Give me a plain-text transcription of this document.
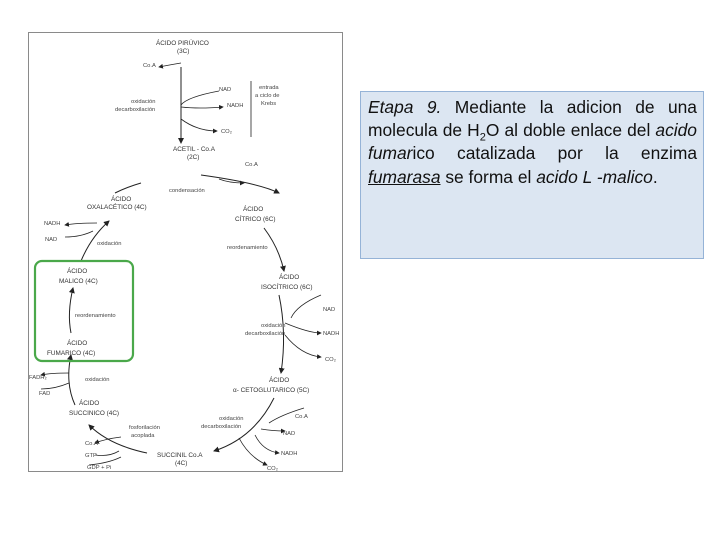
ÁCIDO PIRÚVICO
(3C)
Co.A
NAD
NADH
entrada
a ciclo de
Krebs
oxidación
decarboxilación
CO₂
ACETIL - Co.A
(2C)
Co.A
condensación
ÁCIDO
OXALACÉTICO (4C)	ÁCIDO
CÍTRICO (6C)
NADH
NAD
oxidación
reordenamiento
ÁCIDO
MALICO (4C)
ÁCIDO
ISOCÍTRICO (6C)
reordenamiento
NAD
oxidación
decarboxilación	NADH
ÁCIDO
FUMARICO (4C)
CO₂
FADH₂	oxidación
FAD
ÁCIDO
α- CETOGLUTARICO (5C)
ÁCIDO
SUCCINICO (4C)	Co.A
oxidación
decarboxilación
NAD
fosforilación
acoplada
Co.A
SUCCINIL Co.A
(4C)
NADH
GTP
GDP + Pi	CO₂
Etapa 9. Mediante la adicion de una molecula de $H_2O$ al doble enlace del acido fumarico catalizada por la enzima fumarasa se forma el acido L -malico.
